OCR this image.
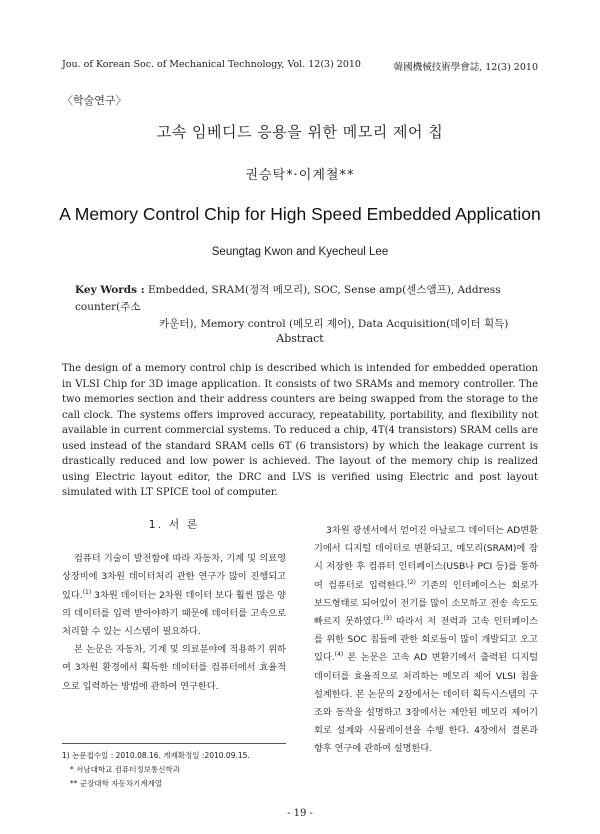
Jou. of Korean Soc. of Mechanical Technology, Vol. 12(3) 2010	韓國機械技術學會誌, 12(3) 2010
〈학술연구〉
고속 임베디드 응용을 위한 메모리 제어 칩
권승탁*·이계철**
A Memory Control Chip for High Speed Embedded Application
Seungtag Kwon and Kyecheul Lee
Key Words : Embedded, SRAM(정적 메모리), SOC, Sense amp(센스앰프), Address counter(주소
카운터), Memory control (메모리 제어), Data Acquisition(데이터 획득)
Abstract
The design of a memory control chip is described which is intended for embedded operation in VLSI Chip for 3D image application. It consists of two SRAMs and memory controller. The two memories section and their address counters are being swapped from the storage to the call clock. The systems offers improved accuracy, repeatability, portability, and flexibility not available in current commercial systems. To reduced a chip, 4T(4 transistors) SRAM cells are used instead of the standard SRAM cells 6T (6 transistors) by which the leakage current is drastically reduced and low power is achieved. The layout of the memory chip is realized using Electric layout editor, the DRC and LVS is verified using Electric and post layout simulated with LT SPICE tool of computer.
1. 서 론

컴퓨터 기술이 발전함에 따라 자동차, 기계 및 의료영상장비에 3차원 데이터처리 관한 연구가 많이 진행되고 있다.$^{(1)}$ 3차원 데이터는 2차원 데이터 보다 훨씬 많은 양의 데이터를 입력 받아야하기 때문에 데이터를 고속으로 처리할 수 있는 시스템이 필요하다.

본 논문은 자동차, 기계 및 의료분야에 적용하기 위하여 3차원 환경에서 획득한 데이터를 컴퓨터에서 효율적으로 입력하는 방법에 관하여 연구한다.

3차원 광센서에서 얻어진 아날로그 데이터는 AD변환기에서 디지털 데이터로 변환되고, 메모리(SRAM)에 잠시 저장한 후 컴퓨터 인터페이스(USB나 PCI 등)를 통하여 컴퓨터로 입력한다.$^{(2)}$ 기존의 인터페이스는 회로가 보드형태로 되어있어 전기를 많이 소모하고 전송 속도도 빠르지 못하였다.$^{(3)}$ 따라서 저 전력과 고속 인터페이스를 위한 SOC 칩들에 관한 회로들이 많이 개발되고 오고 있다.$^{(4)}$ 본 논문은 고속 AD 변환기에서 출력된 디지털 데이터를 효율적으로 처리하는 메모리 제어 VLSI 칩을 설계한다. 본 논문의 2장에서는 데이터 획득시스템의 구조와 동작을 설명하고 3장에서는 제안된 메모리 제어기 회로 설계와 시뮬레이션을 수행 한다. 4장에서 결론과 향후 연구에 관하여 설명한다.

1) 논문접수일 : 2010.08.16. 게재확정일 :2010.09.15.
* 서남대학교 컴퓨터정보통신학과
** 군장대학 자동차기계계열
- 19 -
